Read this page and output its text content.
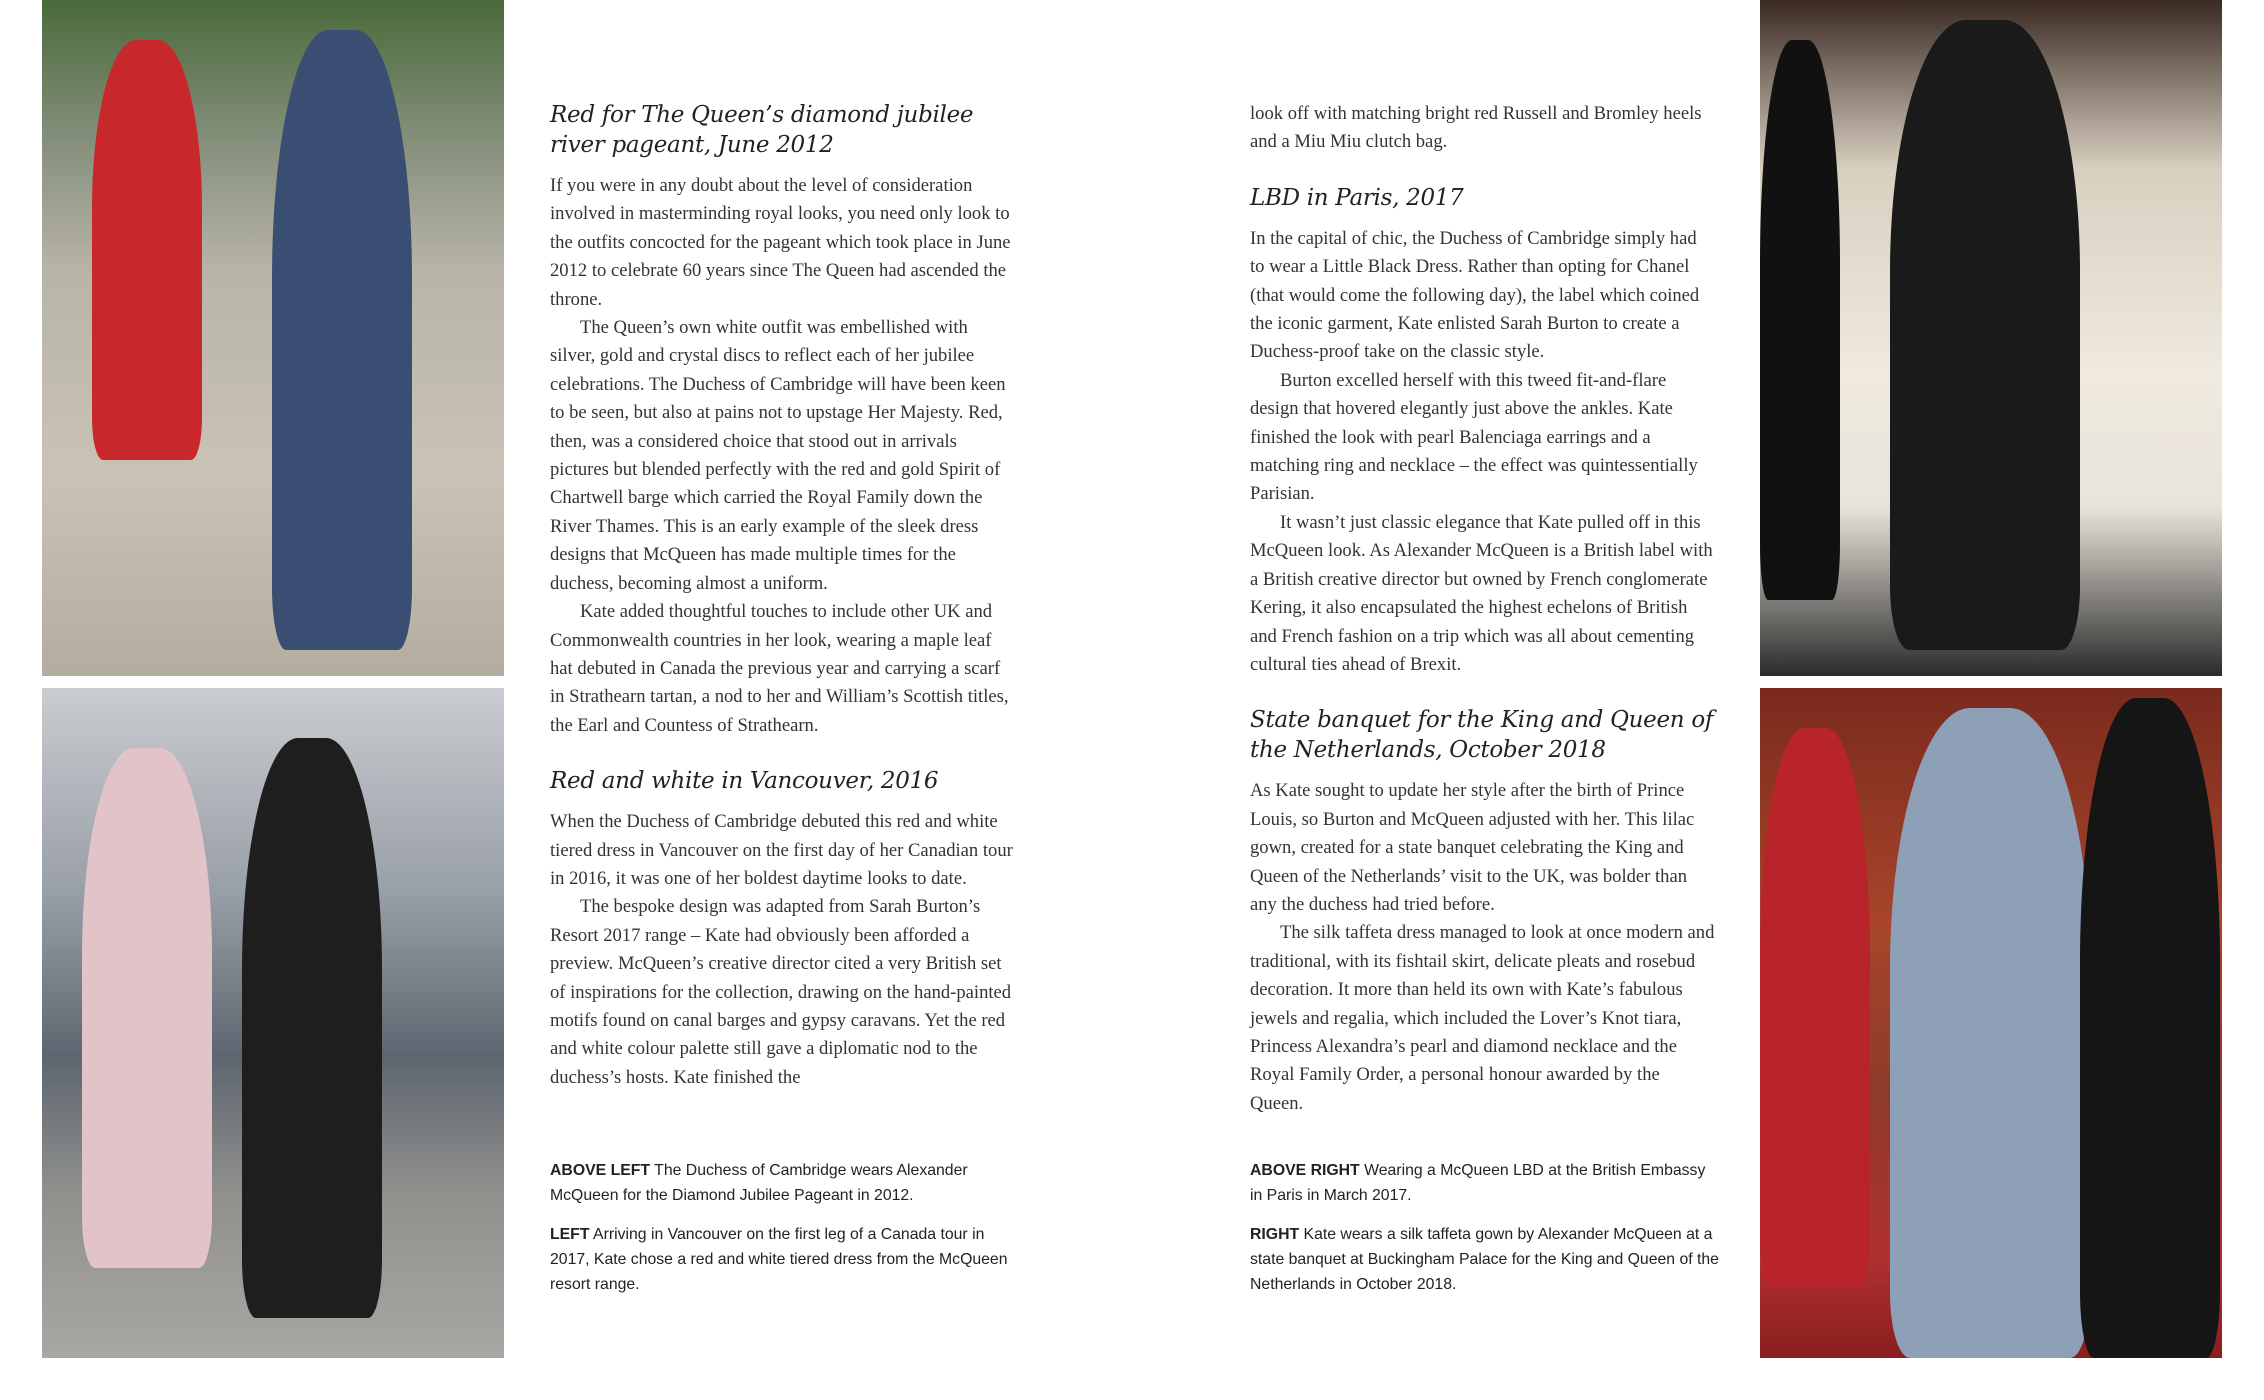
Red for The Queen’s diamond jubilee river pageant, June 2012

If you were in any doubt about the level of consideration involved in masterminding royal looks, you need only look to the outfits concocted for the pageant which took place in June 2012 to celebrate 60 years since The Queen had ascended the throne.

The Queen’s own white outfit was embellished with silver, gold and crystal discs to reflect each of her jubilee celebrations. The Duchess of Cambridge will have been keen to be seen, but also at pains not to upstage Her Majesty. Red, then, was a considered choice that stood out in arrivals pictures but blended perfectly with the red and gold Spirit of Chartwell barge which carried the Royal Family down the River Thames. This is an early example of the sleek dress designs that McQueen has made multiple times for the duchess, becoming almost a uniform.

Kate added thoughtful touches to include other UK and Commonwealth countries in her look, wearing a maple leaf hat debuted in Canada the previous year and carrying a scarf in Strathearn tartan, a nod to her and William’s Scottish titles, the Earl and Countess of Strathearn.

Red and white in Vancouver, 2016

When the Duchess of Cambridge debuted this red and white tiered dress in Vancouver on the first day of her Canadian tour in 2016, it was one of her boldest daytime looks to date.

The bespoke design was adapted from Sarah Burton’s Resort 2017 range – Kate had obviously been afforded a preview. McQueen’s creative director cited a very British set of inspirations for the collection, drawing on the hand-painted motifs found on canal barges and gypsy caravans. Yet the red and white colour palette still gave a diplomatic nod to the duchess’s hosts. Kate finished the

ABOVE LEFT The Duchess of Cambridge wears Alexander McQueen for the Diamond Jubilee Pageant in 2012.
LEFT Arriving in Vancouver on the first leg of a Canada tour in 2017, Kate chose a red and white tiered dress from the McQueen resort range.

look off with matching bright red Russell and Bromley heels and a Miu Miu clutch bag.

LBD in Paris, 2017

In the capital of chic, the Duchess of Cambridge simply had to wear a Little Black Dress. Rather than opting for Chanel (that would come the following day), the label which coined the iconic garment, Kate enlisted Sarah Burton to create a Duchess-proof take on the classic style.

Burton excelled herself with this tweed fit-and-flare design that hovered elegantly just above the ankles. Kate finished the look with pearl Balenciaga earrings and a matching ring and necklace – the effect was quintessentially Parisian.

It wasn’t just classic elegance that Kate pulled off in this McQueen look. As Alexander McQueen is a British label with a British creative director but owned by French conglomerate Kering, it also encapsulated the highest echelons of British and French fashion on a trip which was all about cementing cultural ties ahead of Brexit.

State banquet for the King and Queen of the Netherlands, October 2018

As Kate sought to update her style after the birth of Prince Louis, so Burton and McQueen adjusted with her. This lilac gown, created for a state banquet celebrating the King and Queen of the Netherlands’ visit to the UK, was bolder than any the duchess had tried before.

The silk taffeta dress managed to look at once modern and traditional, with its fishtail skirt, delicate pleats and rosebud decoration. It more than held its own with Kate’s fabulous jewels and regalia, which included the Lover’s Knot tiara, Princess Alexandra’s pearl and diamond necklace and the Royal Family Order, a personal honour awarded by the Queen.

ABOVE RIGHT Wearing a McQueen LBD at the British Embassy in Paris in March 2017.
RIGHT Kate wears a silk taffeta gown by Alexander McQueen at a state banquet at Buckingham Palace for the King and Queen of the Netherlands in October 2018.
